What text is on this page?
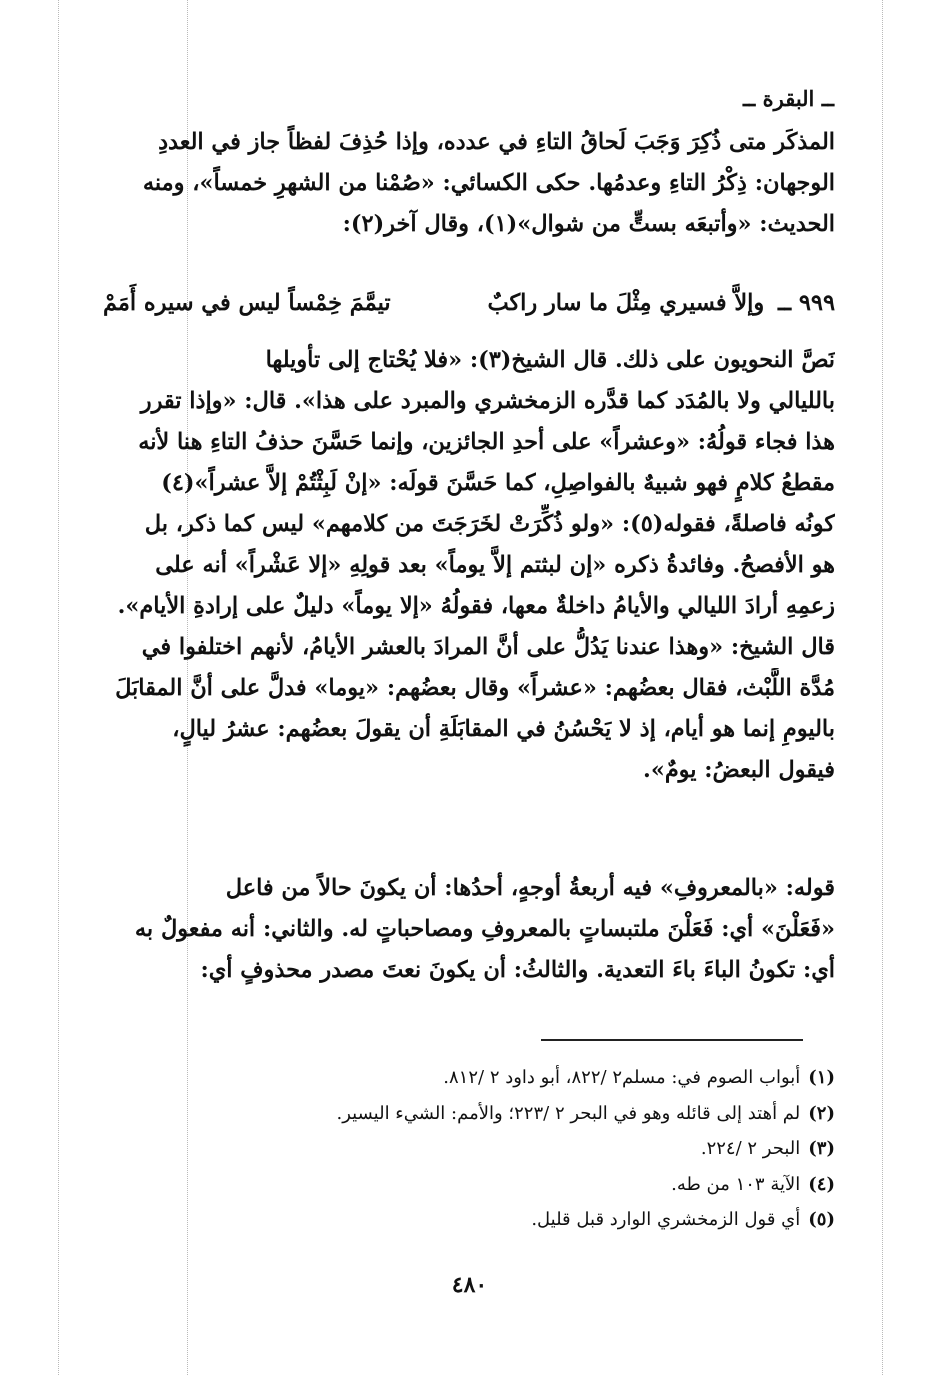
ــ البقرة ــ
المذكَر متى ذُكِرَ وَجَبَ لَحاقُ التاءِ في عدده، وإذا حُذِفَ لفظاً جاز في العددِ
الوجهان: ذِكْرُ التاءِ وعدمُها. حكى الكسائي: «صُمْنا من الشهرِ خمساً»، ومنه
الحديث: «وأتبعَه بستٍّ من شوال»(١)، وقال آخر(٢):
٩٩٩ ــ وإلاَّ فسيري مِثْلَ ما سار راكبٌ
تيمَّمَ خِمْساً ليس في سيره أَمَمْ
نَصَّ النحويون على ذلك. قال الشيخ(٣): «فلا يُحْتاج إلى تأويلها
بالليالي ولا بالمُدَد كما قدَّره الزمخشري والمبرد على هذا». قال: «وإذا تقرر
هذا فجاء قولُهُ: «وعشراً» على أحدِ الجائزين، وإنما حَسَّنَ حذفُ التاءِ هنا لأنه
مقطعُ كلامٍ فهو شبيهٌ بالفواصِلِ، كما حَسَّنَ قولَه: «إنْ لَبِثْتُمْ إلاَّ عشراً»(٤)
كونُه فاصلةً، فقوله(٥): «ولو ذُكِّرَتْ لخَرَجَتَ من كلامهم» ليس كما ذكر، بل
هو الأفصحُ. وفائدةُ ذكره «إن لبثتم إلاَّ يوماً» بعد قولِهِ «إلا عَشْراً» أنه على
زعمِهِ أرادَ الليالي والأيامُ داخلةٌ معها، فقولُهُ «إلا يوماً» دليلٌ على إرادةِ الأيام».
قال الشيخ: «وهذا عندنا يَدُلُّ على أنَّ المرادَ بالعشر الأيامُ، لأنهم اختلفوا في
مُدَّة اللَّبْث، فقال بعضُهم: «عشراً» وقال بعضُهم: «يوما» فدلَّ على أنَّ المقابَلَ
باليومِ إنما هو أيام، إذ لا يَحْسُنُ في المقابَلَةِ أن يقولَ بعضُهم: عشرُ ليالٍ،
فيقول البعضُ: يومٌ».
قوله: «بالمعروفِ» فيه أربعةُ أوجهٍ، أحدُها: أن يكونَ حالاً من فاعل
«فَعَلْنَ» أي: فَعَلْنَ ملتبساتٍ بالمعروفِ ومصاحباتٍ له. والثاني: أنه مفعولٌ به
أي: تكونُ الباءَ باءَ التعدية. والثالثُ: أن يكونَ نعتَ مصدر محذوفٍ أي:
(١)أبواب الصوم في: مسلم٢ /٨٢٢، أبو داود ٢ /٨١٢.
(٢)لم أهتد إلى قائله وهو في البحر ٢ /٢٢٣؛ والأمم: الشيء اليسير.
(٣)البحر ٢ /٢٢٤.
(٤)الآية ١٠٣ من طه.
(٥)أي قول الزمخشري الوارد قبل قليل.
٤٨٠
